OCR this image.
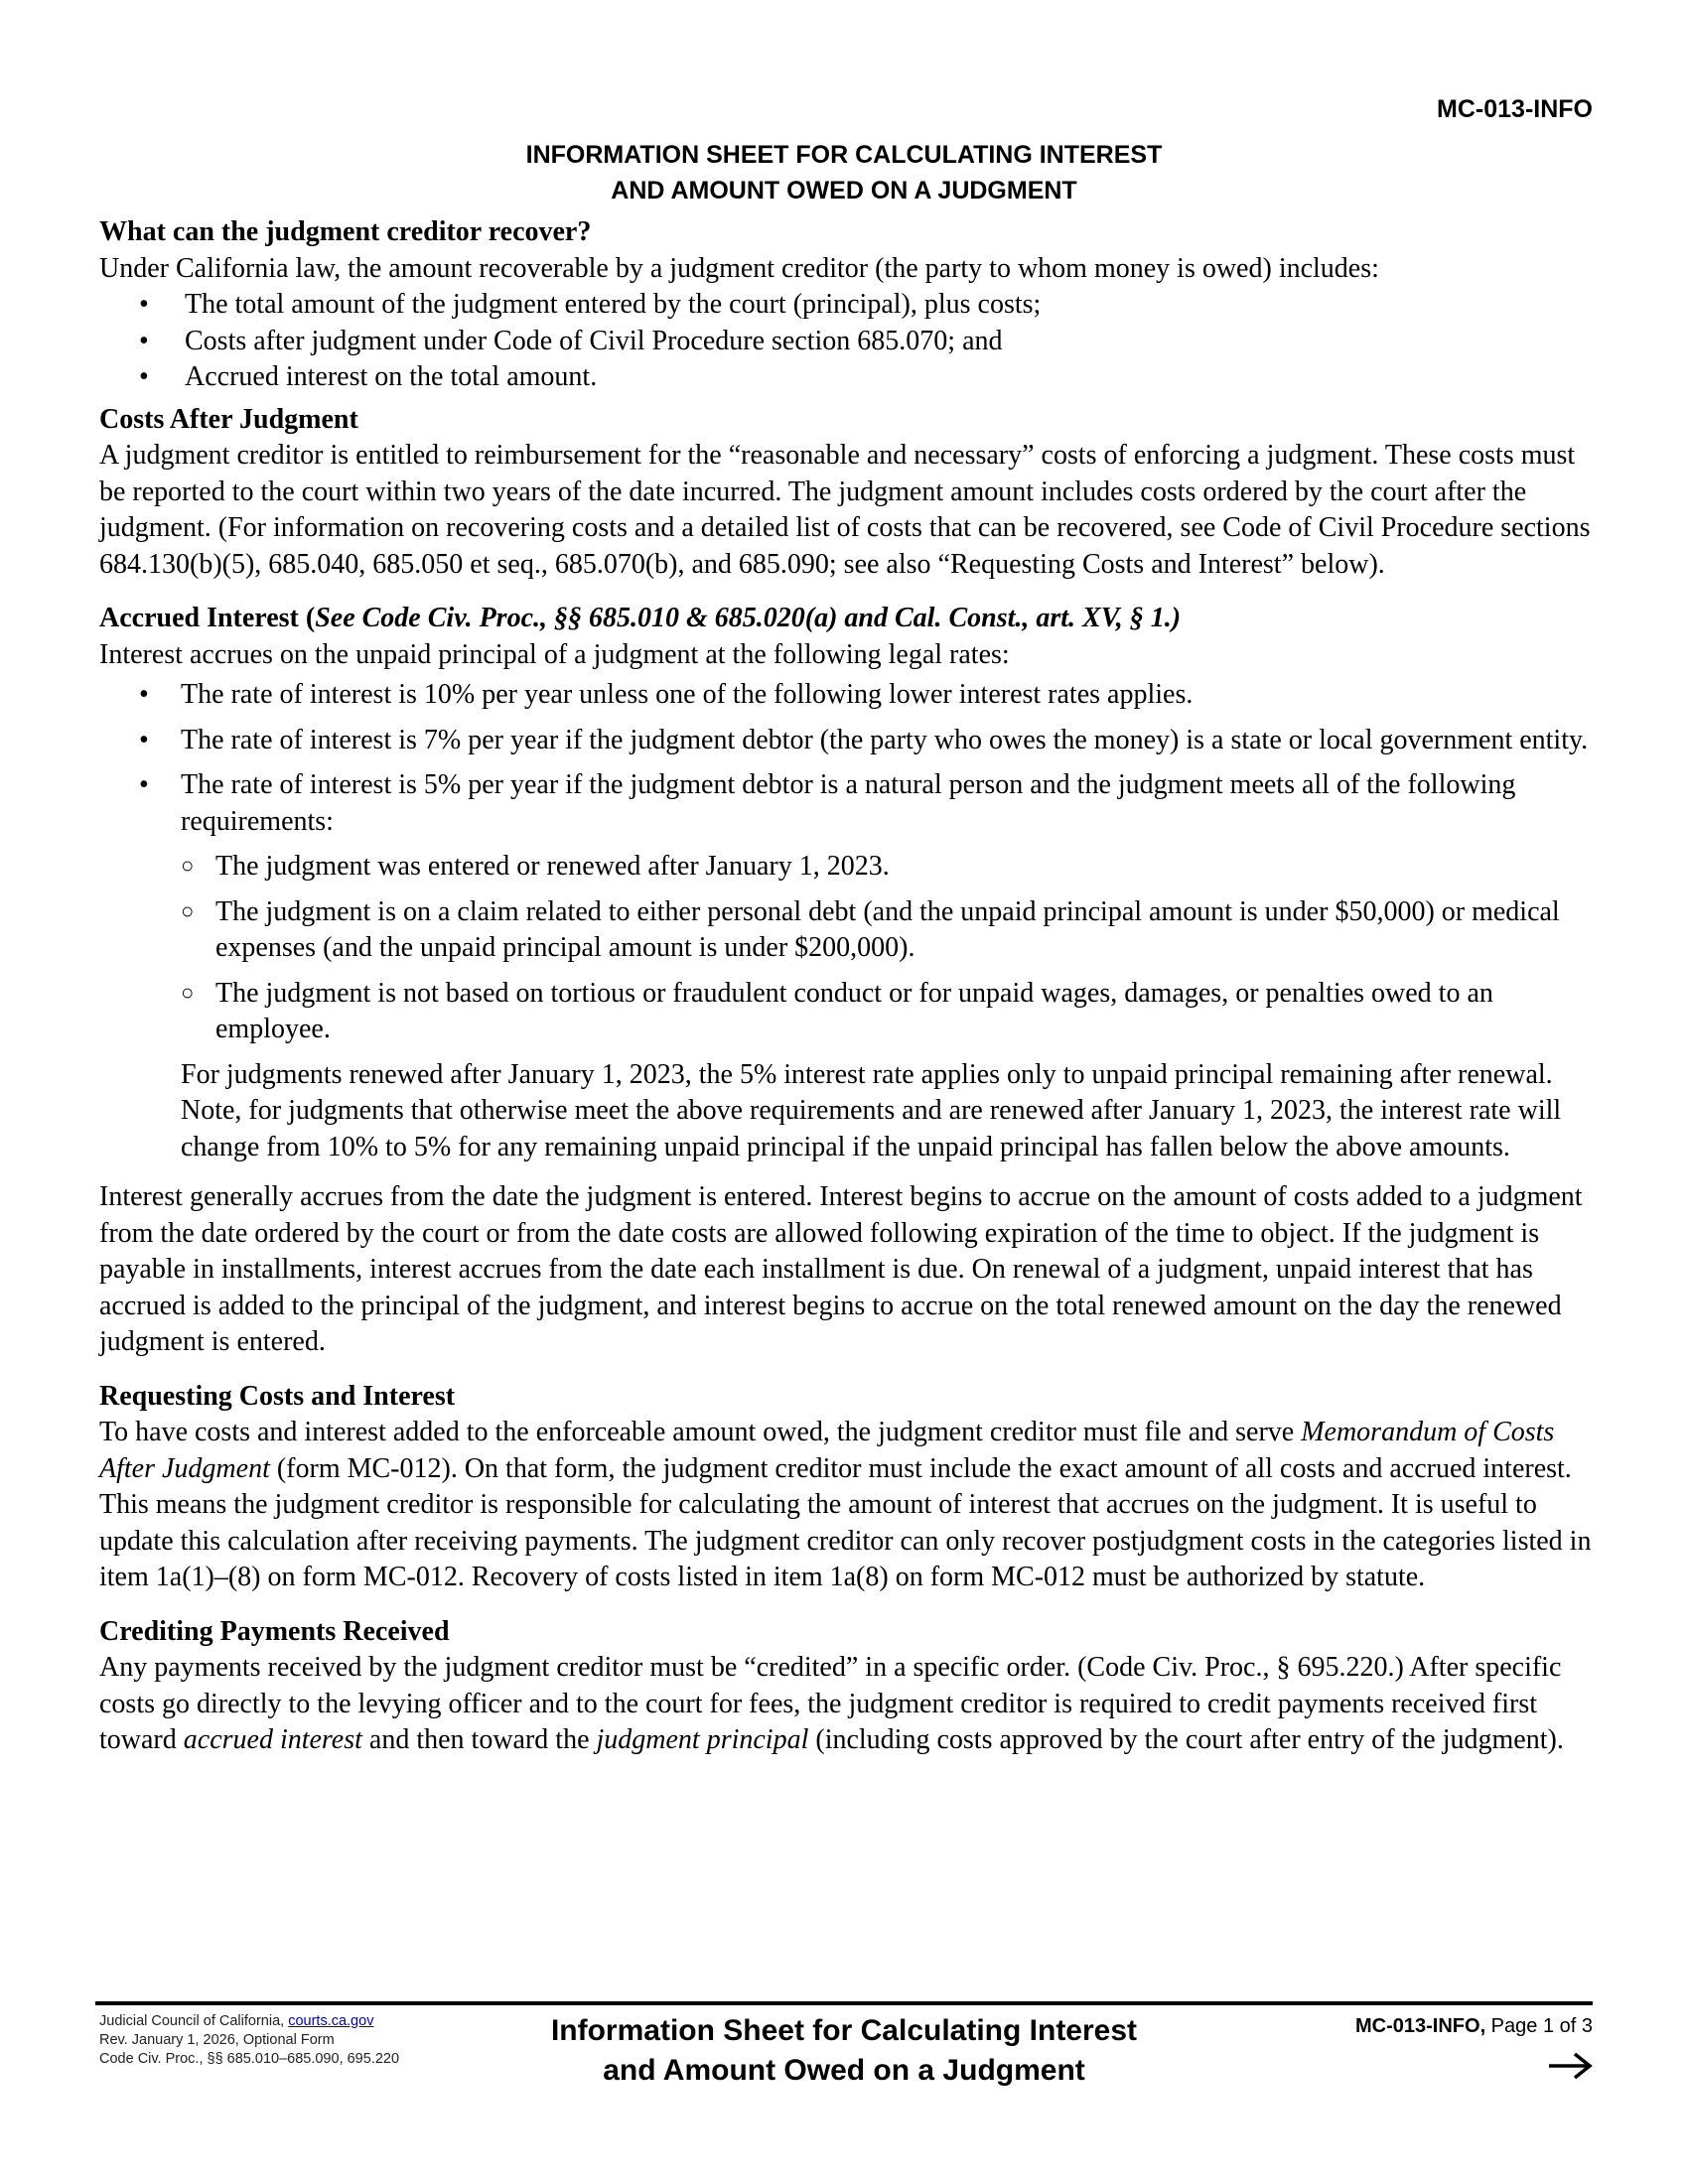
MC-013-INFO
INFORMATION SHEET FOR CALCULATING INTEREST
AND AMOUNT OWED ON A JUDGMENT

What can the judgment creditor recover?

Under California law, the amount recoverable by a judgment creditor (the party to whom money is owed) includes:

• The total amount of the judgment entered by the court (principal), plus costs;
• Costs after judgment under Code of Civil Procedure section 685.070; and
• Accrued interest on the total amount.

Costs After Judgment

A judgment creditor is entitled to reimbursement for the “reasonable and necessary” costs of enforcing a judgment. These costs must be reported to the court within two years of the date incurred. The judgment amount includes costs ordered by the court after the judgment. (For information on recovering costs and a detailed list of costs that can be recovered, see Code of Civil Procedure sections 684.130(b)(5), 685.040, 685.050 et seq., 685.070(b), and 685.090; see also “Requesting Costs and Interest” below).

Accrued Interest (See Code Civ. Proc., §§ 685.010 & 685.020(a) and Cal. Const., art. XV, § 1.)

Interest accrues on the unpaid principal of a judgment at the following legal rates:

• The rate of interest is 10% per year unless one of the following lower interest rates applies.
• The rate of interest is 7% per year if the judgment debtor (the party who owes the money) is a state or local government entity.
• The rate of interest is 5% per year if the judgment debtor is a natural person and the judgment meets all of the following requirements:
○ The judgment was entered or renewed after January 1, 2023.
○ The judgment is on a claim related to either personal debt (and the unpaid principal amount is under $50,000) or medical expenses (and the unpaid principal amount is under $200,000).
○ The judgment is not based on tortious or fraudulent conduct or for unpaid wages, damages, or penalties owed to an employee.

For judgments renewed after January 1, 2023, the 5% interest rate applies only to unpaid principal remaining after renewal. Note, for judgments that otherwise meet the above requirements and are renewed after January 1, 2023, the interest rate will change from 10% to 5% for any remaining unpaid principal if the unpaid principal has fallen below the above amounts.

Interest generally accrues from the date the judgment is entered. Interest begins to accrue on the amount of costs added to a judgment from the date ordered by the court or from the date costs are allowed following expiration of the time to object. If the judgment is payable in installments, interest accrues from the date each installment is due. On renewal of a judgment, unpaid interest that has accrued is added to the principal of the judgment, and interest begins to accrue on the total renewed amount on the day the renewed judgment is entered.

Requesting Costs and Interest

To have costs and interest added to the enforceable amount owed, the judgment creditor must file and serve Memorandum of Costs After Judgment (form MC-012). On that form, the judgment creditor must include the exact amount of all costs and accrued interest. This means the judgment creditor is responsible for calculating the amount of interest that accrues on the judgment. It is useful to update this calculation after receiving payments. The judgment creditor can only recover postjudgment costs in the categories listed in item 1a(1)–(8) on form MC-012. Recovery of costs listed in item 1a(8) on form MC-012 must be authorized by statute.

Crediting Payments Received

Any payments received by the judgment creditor must be “credited” in a specific order. (Code Civ. Proc., § 695.220.) After specific costs go directly to the levying officer and to the court for fees, the judgment creditor is required to credit payments received first toward accrued interest and then toward the judgment principal (including costs approved by the court after entry of the judgment).

Judicial Council of California, courts.ca.gov
Rev. January 1, 2026, Optional Form
Code Civ. Proc., §§ 685.010–685.090, 695.220
Information Sheet for Calculating Interest
and Amount Owed on a Judgment
MC-013-INFO, Page 1 of 3
